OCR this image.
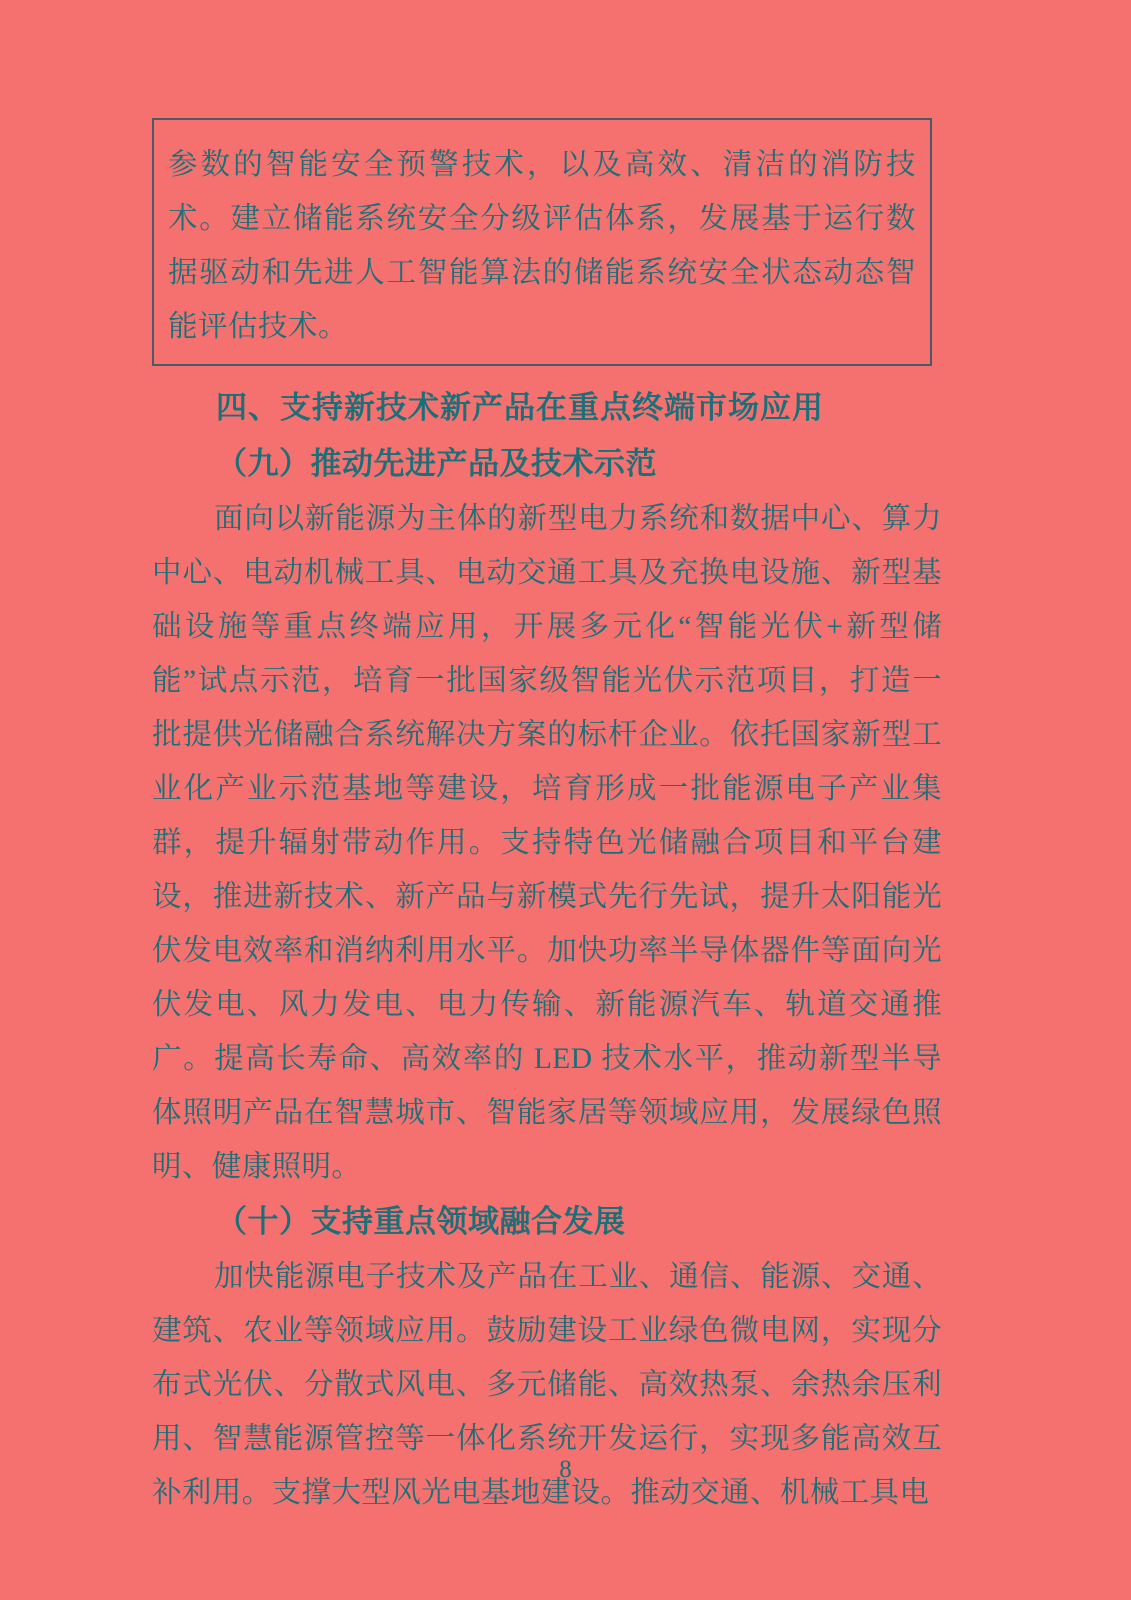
参数的智能安全预警技术，以及高效、清洁的消防技术。建立储能系统安全分级评估体系，发展基于运行数据驱动和先进人工智能算法的储能系统安全状态动态智能评估技术。

四、支持新技术新产品在重点终端市场应用
（九）推动先进产品及技术示范

面向以新能源为主体的新型电力系统和数据中心、算力中心、电动机械工具、电动交通工具及充换电设施、新型基础设施等重点终端应用，开展多元化“智能光伏+新型储能”试点示范，培育一批国家级智能光伏示范项目，打造一批提供光储融合系统解决方案的标杆企业。依托国家新型工业化产业示范基地等建设，培育形成一批能源电子产业集群，提升辐射带动作用。支持特色光储融合项目和平台建设，推进新技术、新产品与新模式先行先试，提升太阳能光伏发电效率和消纳利用水平。加快功率半导体器件等面向光伏发电、风力发电、电力传输、新能源汽车、轨道交通推广。提高长寿命、高效率的 LED 技术水平，推动新型半导体照明产品在智慧城市、智能家居等领域应用，发展绿色照明、健康照明。

（十）支持重点领域融合发展

加快能源电子技术及产品在工业、通信、能源、交通、建筑、农业等领域应用。鼓励建设工业绿色微电网，实现分布式光伏、分散式风电、多元储能、高效热泵、余热余压利用、智慧能源管控等一体化系统开发运行，实现多能高效互补利用。支撑大型风光电基地建设。推动交通、机械工具电

8
